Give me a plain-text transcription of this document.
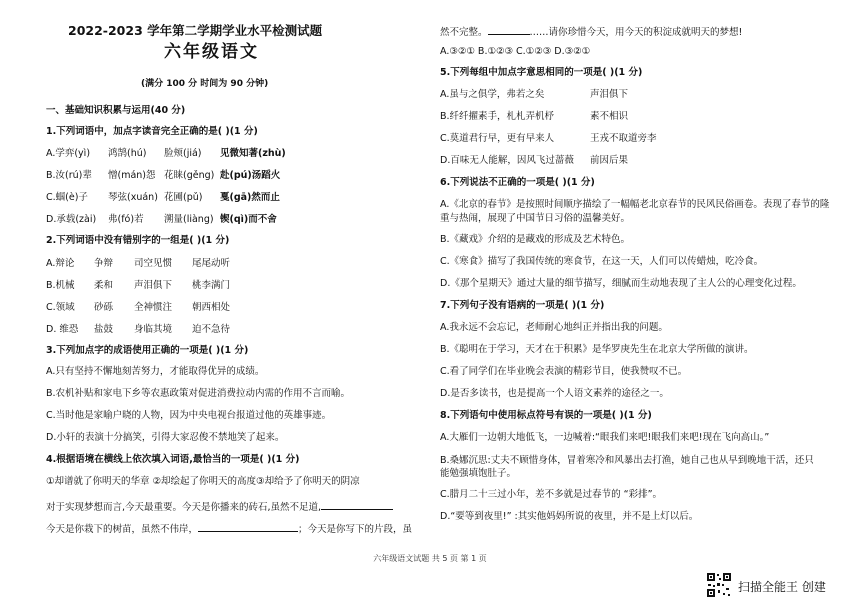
2022-2023 学年第二学期学业水平检测试题
六年级语文
(满分 100 分 时间为 90 分钟)
一、基础知识积累与运用(40 分)
1.下列词语中，加点字读音完全正确的是( )(1 分)
A.学弈(yì) 鸿鹄(hú) 脸颊(jiá) 见微知著(zhù)
B.汝(rú)辈 憎(mán)怨 花睐(gěng) 赴(pú)汤蹈火
C.蝈(è)子 琴弦(xuán) 花圃(pǔ) 戛(gā)然而止
D.承载(zài) 弗(fó)若 溯量(liàng) 锲(qì)而不舍
2.下列词语中没有错别字的一组是( )(1 分)
A.辩论 争辩 司空见惯 尾尾动听
B.机械 柔和 声泪俱下 桃李满门
C.领域 砂砾 全神惯注 朝西相处
D. 维恐 盐鼓 身临其境 迫不急待
3.下列加点字的成语使用正确的一项是( )(1 分)
A.只有坚持不懈地刻苦努力，才能取得优异的成绩。
B.农机补贴和家电下乡等农惠政策对促进消费拉动内需的作用不言而喻。
C.当时他是家喻户晓的人物，因为中央电视台报道过他的英雄事迹。
D.小轩的表演十分搞笑，引得大家忍俊不禁地笑了起来。
4.根据语境在横线上依次填入词语,最恰当的一项是( )(1 分)
①却谱就了你明天的华章 ②却绘起了你明天的高度③却给予了你明天的阴凉
对于实现梦想而言,今天最重要。今天是你播来的砖石,虽然不足道,
今天是你栽下的树苗，虽然不伟岸，	；今天是你写下的片段，虽
然不完整。	……请你珍惜今天，用今天的积淀成就明天的梦想!
A.③②① B.①②③ C.①②③ D.③②①
5.下列每组中加点字意思相同的一项是( )(1 分)
A.虽与之俱学，弗若之矣	声泪俱下
B.纤纤擢素手，札札弄机杼	素不相识
C.莫道君行早，更有早来人	王戎不取道旁李
D.百味无人能解，因风飞过蔷薇 前因后果
6.下列说法不正确的一项是( )(1 分)
A.《北京的春节》是按照时间顺序描绘了一幅幅老北京春节的民风民俗画卷。表现了春节的隆
重与热闹，展现了中国节日习俗的温馨美好。
B.《藏戏》介绍的是藏戏的形成及艺术特色。
C.《寒食》描写了我国传统的寒食节，在这一天，人们可以传蜡烛，吃冷食。
D.《那个星期天》通过大量的细节描写，细腻而生动地表现了主人公的心理变化过程。
7.下列句子没有语病的一项是( )(1 分)
A.我永远不会忘记，老师耐心地纠正并指出我的问题。
B.《聪明在于学习，天才在于积累》是华罗庚先生在北京大学所做的演讲。
C.看了同学们在毕业晚会表演的精彩节目，使我赞叹不已。
D.是否多读书，也是提高一个人语文素养的途径之一。
8.下列语句中使用标点符号有误的一项是( )(1 分)
A.大雁们一边朝大地低飞，一边喊着:“眼我们来吧!眼我们来吧!现在飞向高山。”
B.桑娜沉思:丈夫不顾惜身体，冒着寒冷和风暴出去打渔，她自己也从早到晚地干活，还只
能勉强填饱肚子。
C.腊月二十三过小年，差不多就是过春节的 “彩排”。
D.“要等到夜里!” :其实他妈妈所说的夜里，并不是上灯以后。
六年级语文试题 共 5 页 第 1 页
扫描全能王 创建
